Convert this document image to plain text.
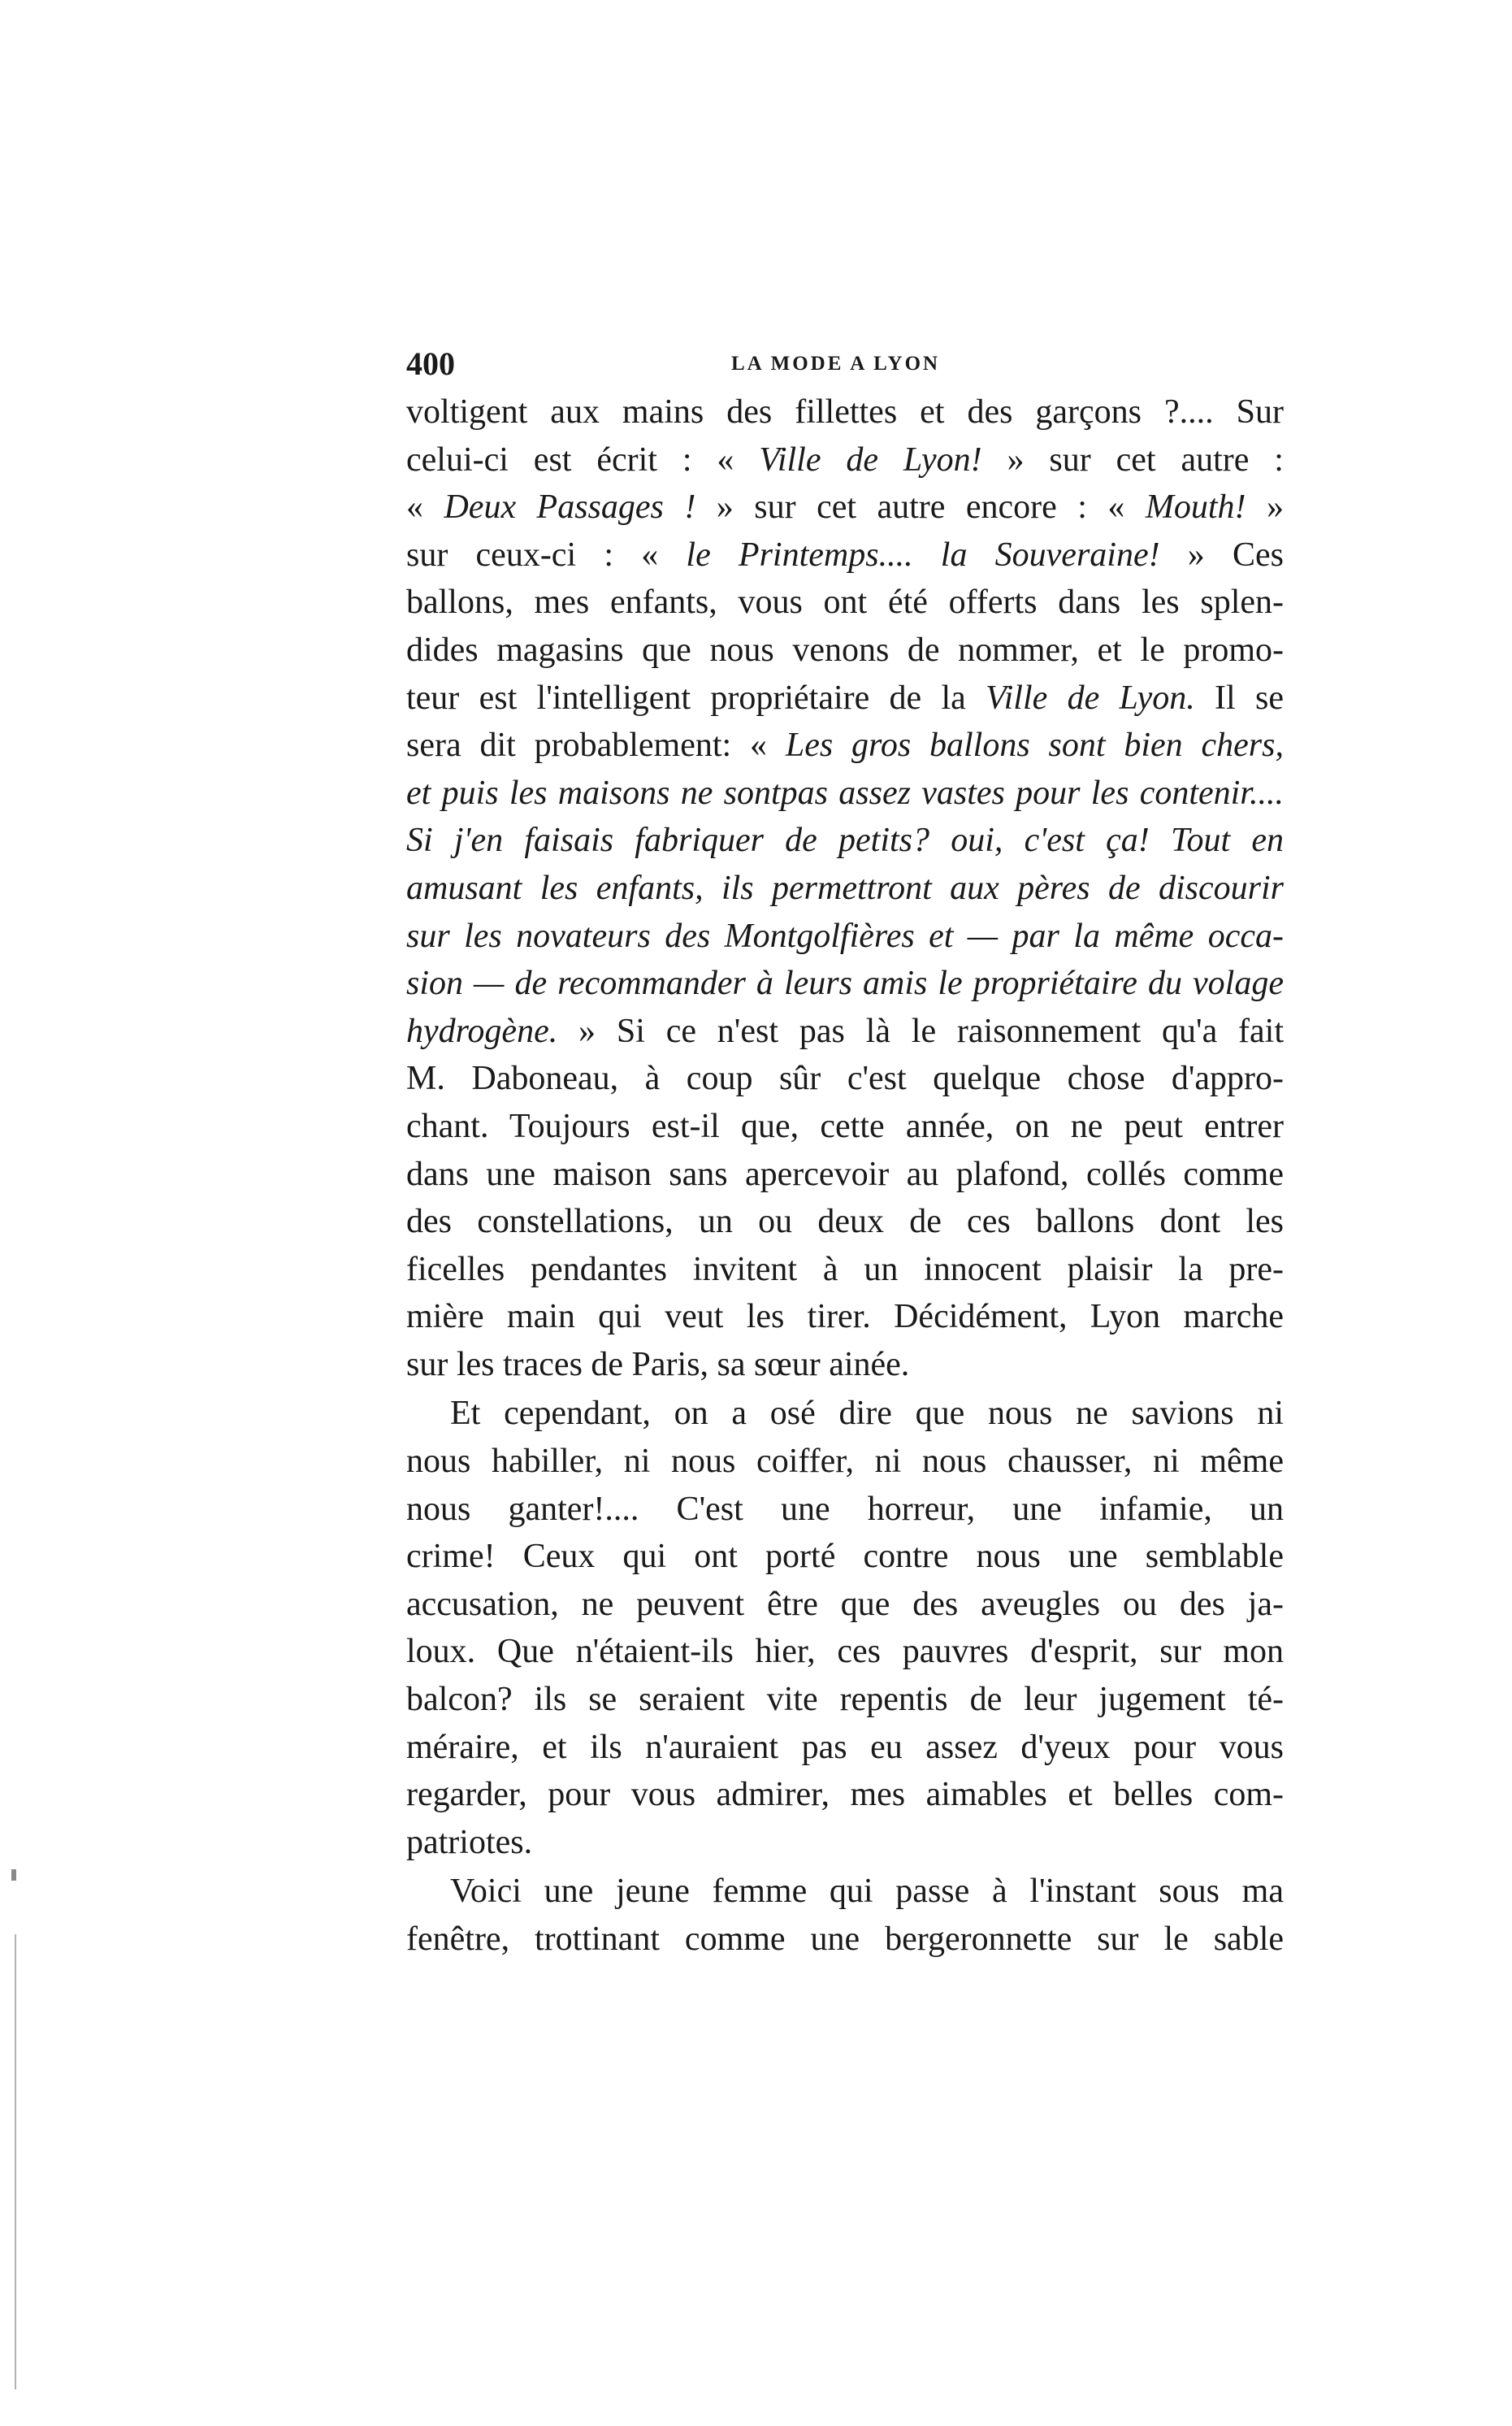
400	LA MODE A LYON
voltigent aux mains des fillettes et des garçons ?.... Sur
celui-ci est écrit : « Ville de Lyon! » sur cet autre :
« Deux Passages ! » sur cet autre encore : « Mouth! »
sur ceux-ci : « le Printemps.... la Souveraine! » Ces
ballons, mes enfants, vous ont été offerts dans les splen-
dides magasins que nous venons de nommer, et le promo-
teur est l'intelligent propriétaire de la Ville de Lyon. Il se
sera dit probablement: « Les gros ballons sont bien chers,
et puis les maisons ne sontpas assez vastes pour les contenir....
Si j'en faisais fabriquer de petits? oui, c'est ça! Tout en
amusant les enfants, ils permettront aux pères de discourir
sur les novateurs des Montgolfières et — par la même occa-
sion — de recommander à leurs amis le propriétaire du volage
hydrogène. » Si ce n'est pas là le raisonnement qu'a fait
M. Daboneau, à coup sûr c'est quelque chose d'appro-
chant. Toujours est-il que, cette année, on ne peut entrer
dans une maison sans apercevoir au plafond, collés comme
des constellations, un ou deux de ces ballons dont les
ficelles pendantes invitent à un innocent plaisir la pre-
mière main qui veut les tirer. Décidément, Lyon marche
sur les traces de Paris, sa sœur ainée.
Et cependant, on a osé dire que nous ne savions ni
nous habiller, ni nous coiffer, ni nous chausser, ni même
nous ganter!.... C'est une horreur, une infamie, un
crime! Ceux qui ont porté contre nous une semblable
accusation, ne peuvent être que des aveugles ou des ja-
loux. Que n'étaient-ils hier, ces pauvres d'esprit, sur mon
balcon? ils se seraient vite repentis de leur jugement té-
méraire, et ils n'auraient pas eu assez d'yeux pour vous
regarder, pour vous admirer, mes aimables et belles com-
patriotes.
Voici une jeune femme qui passe à l'instant sous ma
fenêtre, trottinant comme une bergeronnette sur le sable
